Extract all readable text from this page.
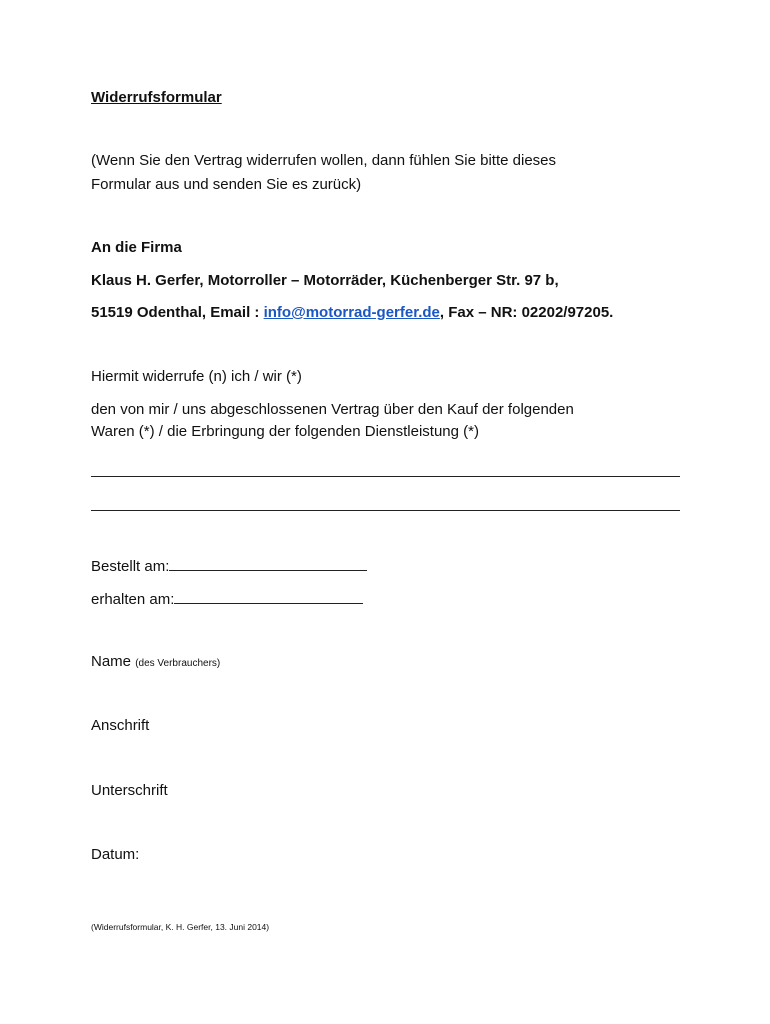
Widerrufsformular
(Wenn Sie den Vertrag widerrufen wollen, dann fühlen Sie bitte dieses
Formular aus und senden Sie es zurück)
An die Firma
Klaus H. Gerfer, Motorroller – Motorräder, Küchenberger Str. 97 b,
51519 Odenthal, Email : info@motorrad-gerfer.de, Fax – NR: 02202/97205.
Hiermit widerrufe (n) ich / wir (*)
den von mir / uns abgeschlossenen Vertrag über den Kauf der folgenden
Waren (*) / die Erbringung der folgenden Dienstleistung (*)
Bestellt am:
erhalten am:
Name (des Verbrauchers)
Anschrift
Unterschrift
Datum:
(Widerrufsformular, K. H. Gerfer, 13. Juni 2014)
